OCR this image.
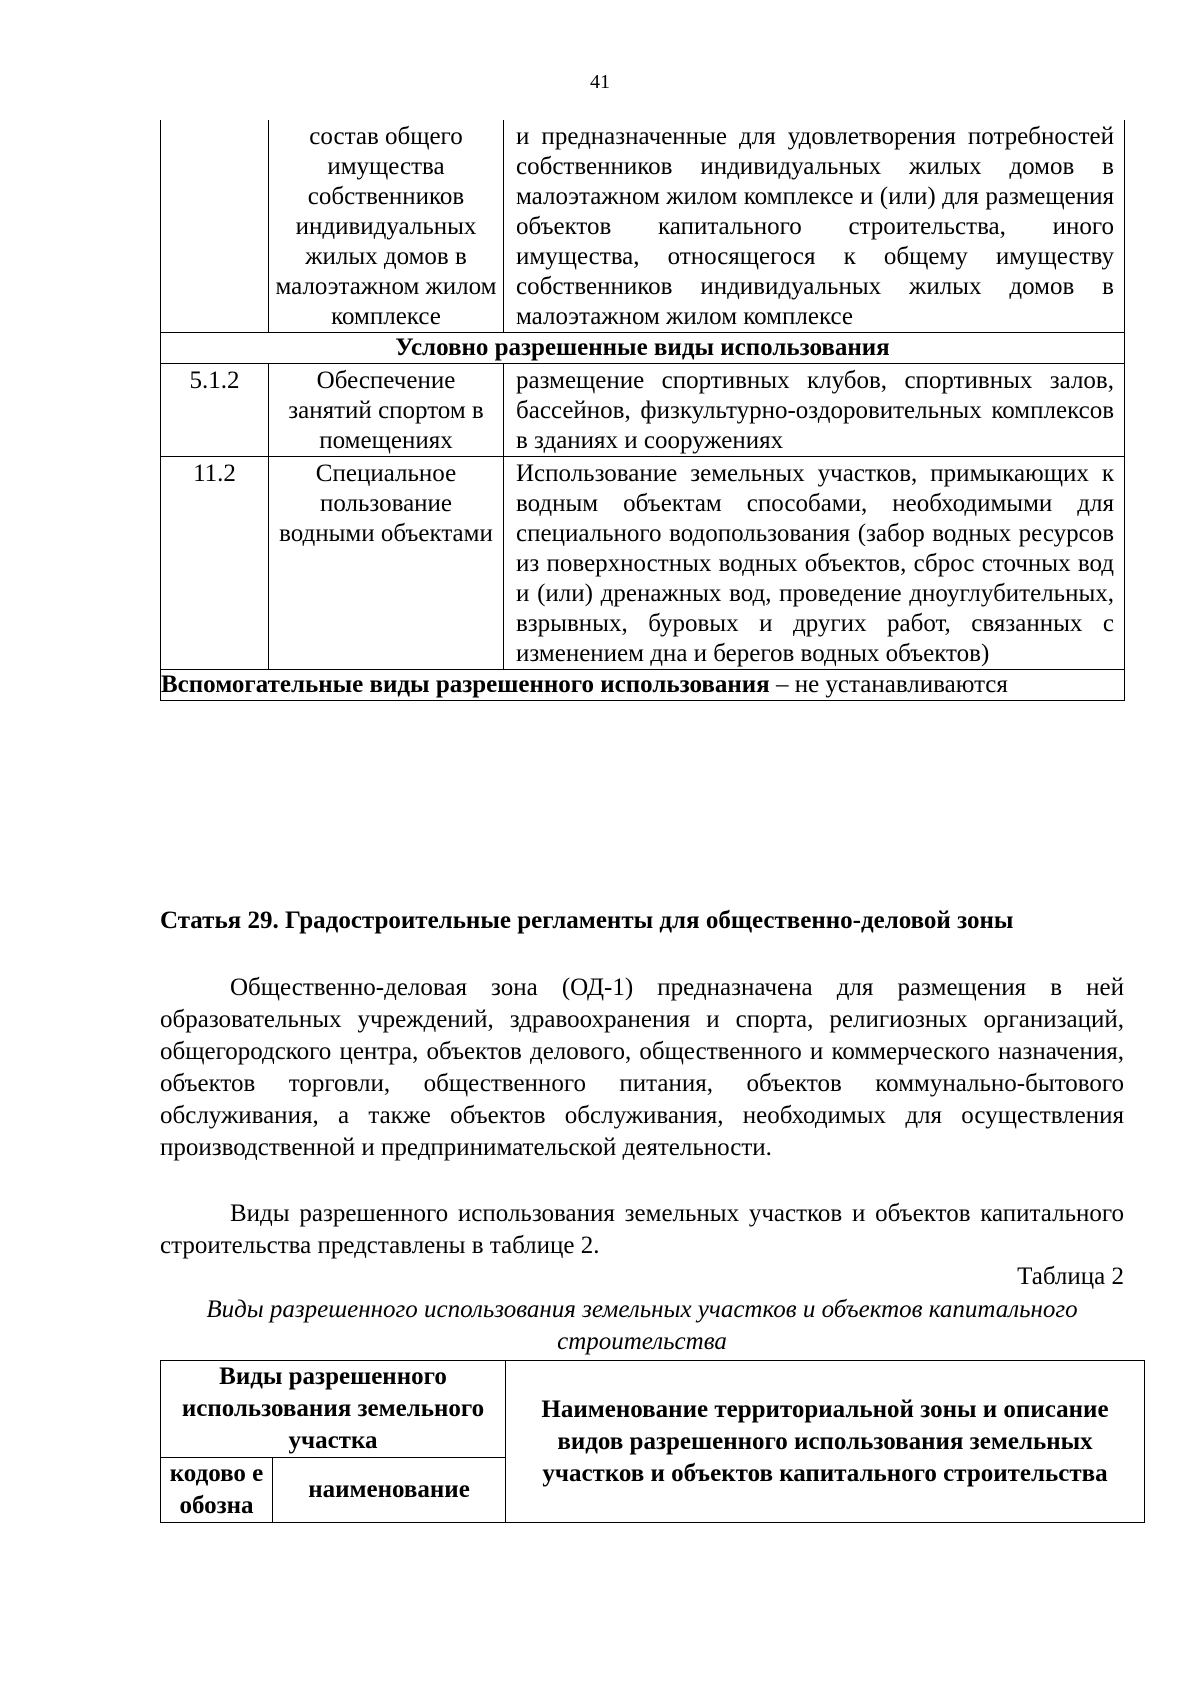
41
	состав общего имущества собственников индивидуальных жилых домов в малоэтажном жилом комплексе	и предназначенные для удовлетворения потребностей собственников индивидуальных жилых домов в малоэтажном жилом комплексе и (или) для размещения объектов капитального строительства, иного имущества, относящегося к общему имуществу собственников индивидуальных жилых домов в малоэтажном жилом комплексе
Условно разрешенные виды использования		
5.1.2	Обеспечение занятий спортом в помещениях	размещение спортивных клубов, спортивных залов, бассейнов, физкультурно-оздоровительных комплексов в зданиях и сооружениях
11.2	Специальное пользование водными объектами	Использование земельных участков, примыкающих к водным объектам способами, необходимыми для специального водопользования (забор водных ресурсов из поверхностных водных объектов, сброс сточных вод и (или) дренажных вод, проведение дноуглубительных, взрывных, буровых и других работ, связанных с изменением дна и берегов водных объектов)
Вспомогательные виды разрешенного использования – не устанавливаются		
Статья 29. Градостроительные регламенты для общественно-деловой зоны
Общественно-деловая зона (ОД-1) предназначена для размещения в ней образовательных учреждений, здравоохранения и спорта, религиозных организаций, общегородского центра, объектов делового, общественного и коммерческого назначения, объектов торговли, общественного питания, объектов коммунально-бытового обслуживания, а также объектов обслуживания, необходимых для осуществления производственной и предпринимательской деятельности.
Виды разрешенного использования земельных участков и объектов капитального строительства представлены в таблице 2.
Таблица 2
Виды разрешенного использования земельных участков и объектов капитального строительства
Виды разрешенного использования земельного участка		Наименование территориальной зоны и описание видов разрешенного использования земельных участков и объектов капитального строительства
кодово е обозна	наименование	
